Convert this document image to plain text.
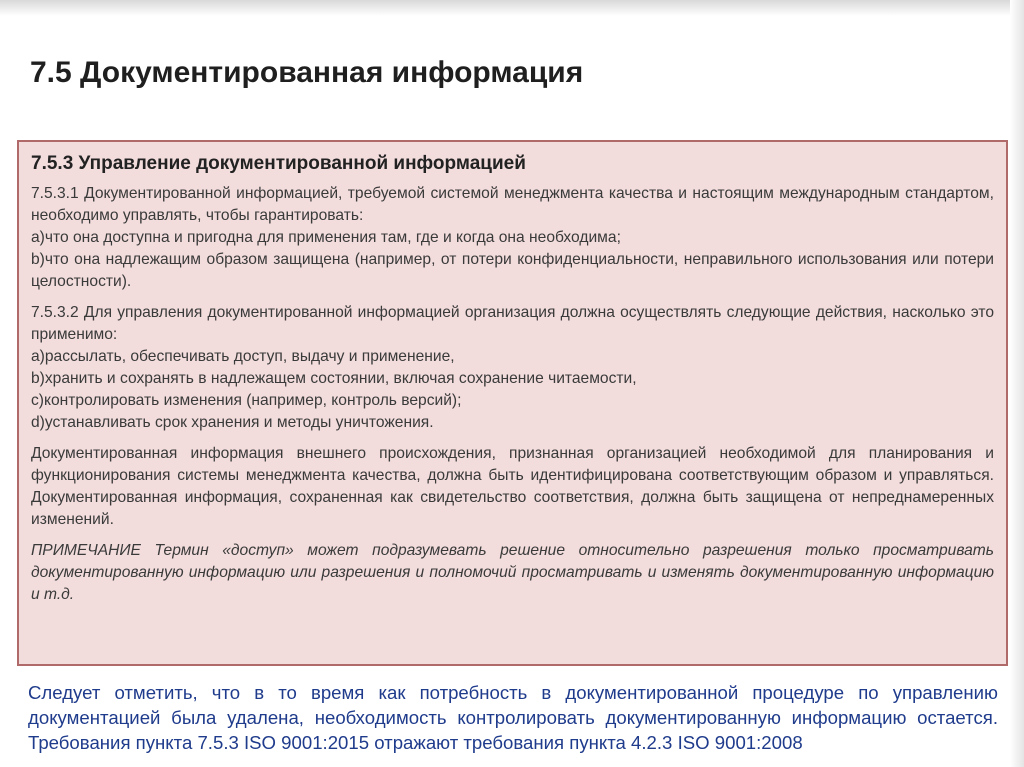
7.5 Документированная информация
7.5.3 Управление документированной информацией
7.5.3.1 Документированной информацией, требуемой системой менеджмента качества и настоящим международным стандартом, необходимо управлять, чтобы гарантировать:
a)что она доступна и пригодна для применения там, где и когда она необходима;
b)что она надлежащим образом защищена (например, от потери конфиденциальности, неправильного использования или потери целостности).
7.5.3.2 Для управления документированной информацией организация должна осуществлять следующие действия, насколько это применимо:
a)рассылать, обеспечивать доступ, выдачу и применение,
b)хранить и сохранять в надлежащем состоянии, включая сохранение читаемости,
c)контролировать изменения (например, контроль версий);
d)устанавливать срок хранения и методы уничтожения.
Документированная информация внешнего происхождения, признанная организацией необходимой для планирования и функционирования системы менеджмента качества, должна быть идентифицирована соответствующим образом и управляться. Документированная информация, сохраненная как свидетельство соответствия, должна быть защищена от непреднамеренных изменений.
ПРИМЕЧАНИЕ Термин «доступ» может подразумевать решение относительно разрешения только просматривать документированную информацию или разрешения и полномочий просматривать и изменять документированную информацию и т.д.
Следует отметить, что в то время как потребность в документированной процедуре по управлению документацией была удалена, необходимость контролировать документированную информацию остается. Требования пункта 7.5.3 ISO 9001:2015 отражают требования пункта 4.2.3 ISO 9001:2008
